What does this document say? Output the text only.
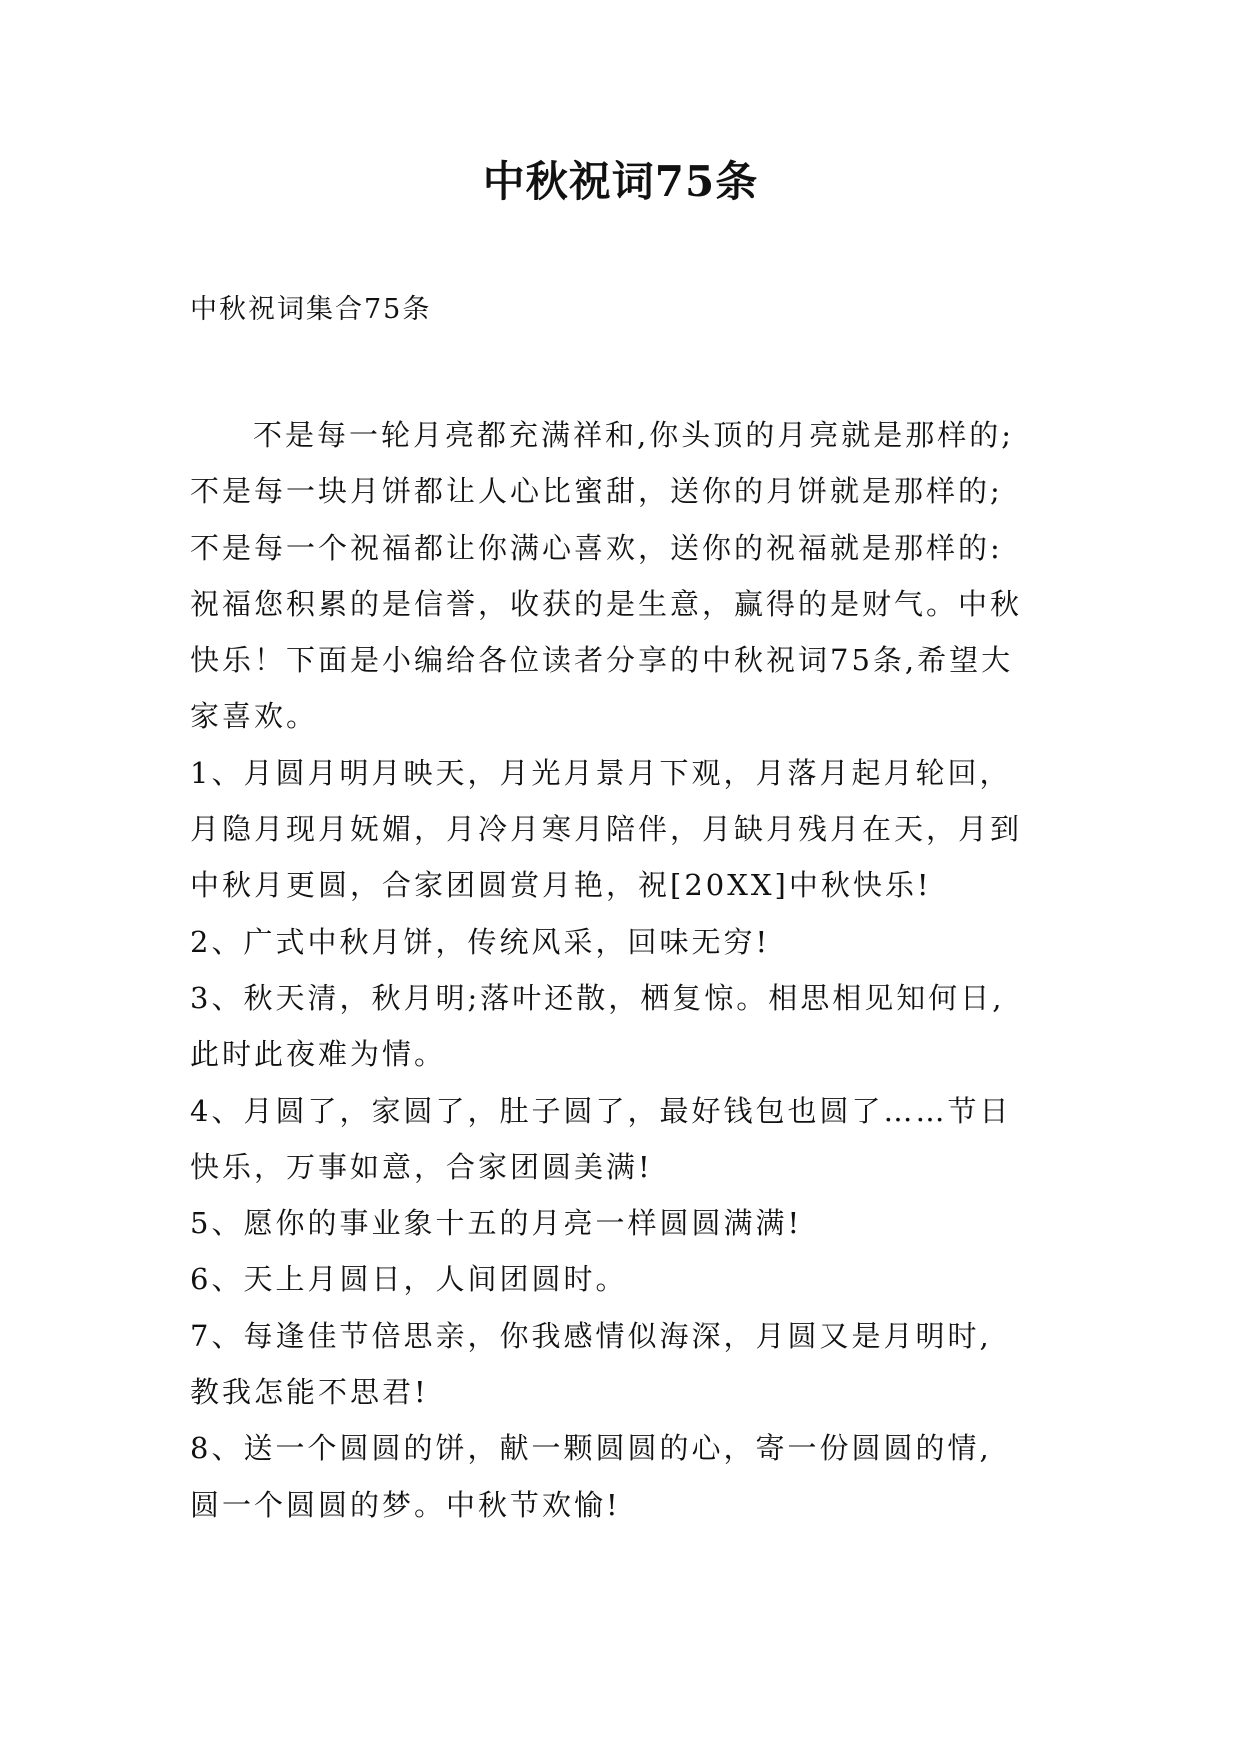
中秋祝词75条

中秋祝词集合75条

不是每一轮月亮都充满祥和,你头顶的月亮就是那样的;

不是每一块月饼都让人心比蜜甜，送你的月饼就是那样的;

不是每一个祝福都让你满心喜欢，送你的祝福就是那样的:

祝福您积累的是信誉，收获的是生意，赢得的是财气。中秋

快乐！下面是小编给各位读者分享的中秋祝词75条,希望大

家喜欢。

1、月圆月明月映天，月光月景月下观，月落月起月轮回，

月隐月现月妩媚，月冷月寒月陪伴，月缺月残月在天，月到

中秋月更圆，合家团圆赏月艳，祝[20XX]中秋快乐!

2、广式中秋月饼，传统风采，回味无穷!

3、秋天清，秋月明;落叶还散，栖复惊。相思相见知何日,

此时此夜难为情。

4、月圆了，家圆了，肚子圆了，最好钱包也圆了……节日

快乐，万事如意，合家团圆美满!

5、愿你的事业象十五的月亮一样圆圆满满!

6、天上月圆日，人间团圆时。

7、每逢佳节倍思亲，你我感情似海深，月圆又是月明时,

教我怎能不思君!

8、送一个圆圆的饼，献一颗圆圆的心，寄一份圆圆的情,

圆一个圆圆的梦。中秋节欢愉!
